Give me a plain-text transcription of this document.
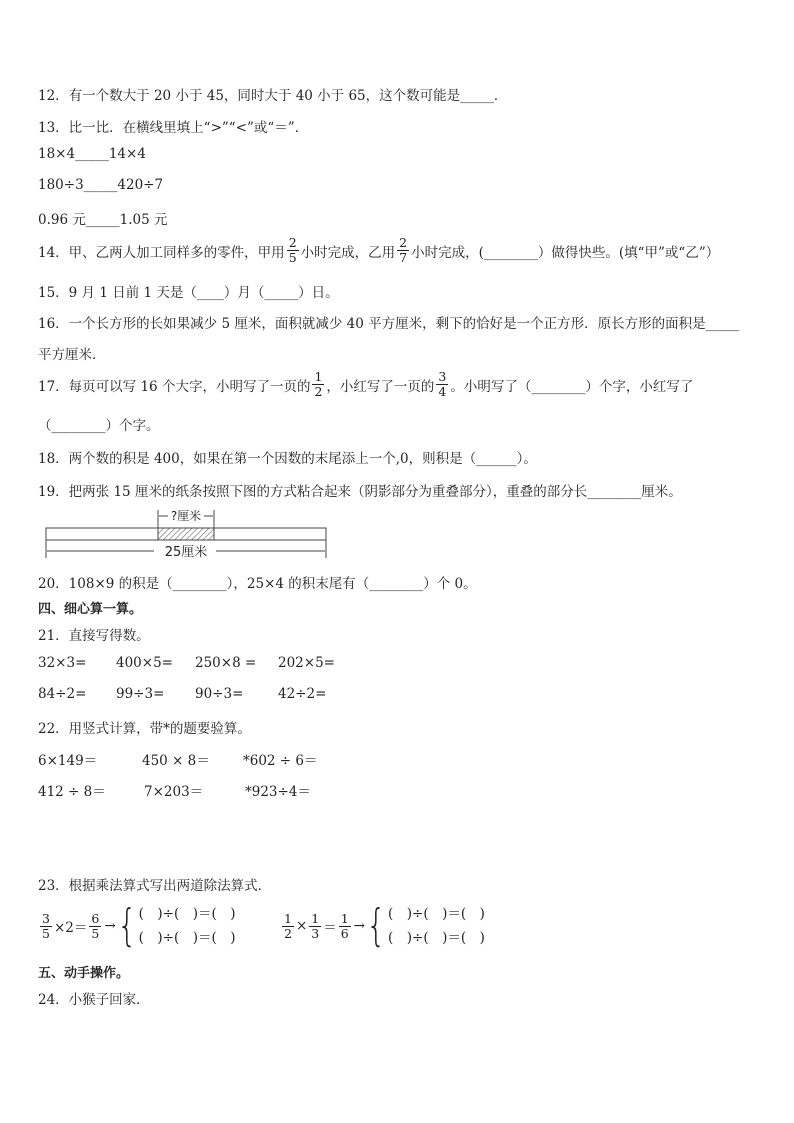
12．有一个数大于 20 小于 45，同时大于 40 小于 65，这个数可能是_____．
13．比一比．在横线里填上“>”“<”或“＝”．
18×4_____14×4
180÷3_____420÷7
0.96 元_____1.05 元
14．甲、乙两人加工同样多的零件，甲用 $\frac{2}{5}$ 小时完成，乙用 $\frac{2}{7}$ 小时完成，(________）做得快些。(填“甲”或“乙”）
15．9 月 1 日前 1 天是（____）月（_____）日。
16．一个长方形的长如果减少 5 厘米，面积就减少 40 平方厘米，剩下的恰好是一个正方形．原长方形的面积是_____
平方厘米．
17．每页可以写 16 个大字，小明写了一页的 $\frac{1}{2}$ ，小红写了一页的 $\frac{3}{4}$ 。小明写了（________）个字，小红写了
（________）个字。
18．两个数的积是 400，如果在第一个因数的末尾添上一个,0，则积是（______）。
19．把两张 15 厘米的纸条按照下图的方式粘合起来（阴影部分为重叠部分），重叠的部分长________厘米。
?厘米
25厘米
20．108×9 的积是（________），25×4 的积末尾有（________）个 0。
四、细心算一算。
21．直接写得数。
32×3= 400×5= 250×8 = 202×5=
84÷2= 99÷3= 90÷3=	42÷2=
22．用竖式计算，带*的题要验算。
6×149＝	450 × 8＝ *602 ÷ 6＝
412 ÷ 8＝	7×203＝	*923÷4＝
23．根据乘法算式写出两道除法算式．
$\frac{3}{5} \times 2= \frac{6}{5}$ → { (　)÷(　)＝(　)
(　)÷(　)＝(　)	$\frac{1}{2} \times \frac{1}{3} = \frac{1}{6}$ → { (　)÷(　)＝(　)
(　)÷(　)＝(　)
五、动手操作。
24．小猴子回家．
